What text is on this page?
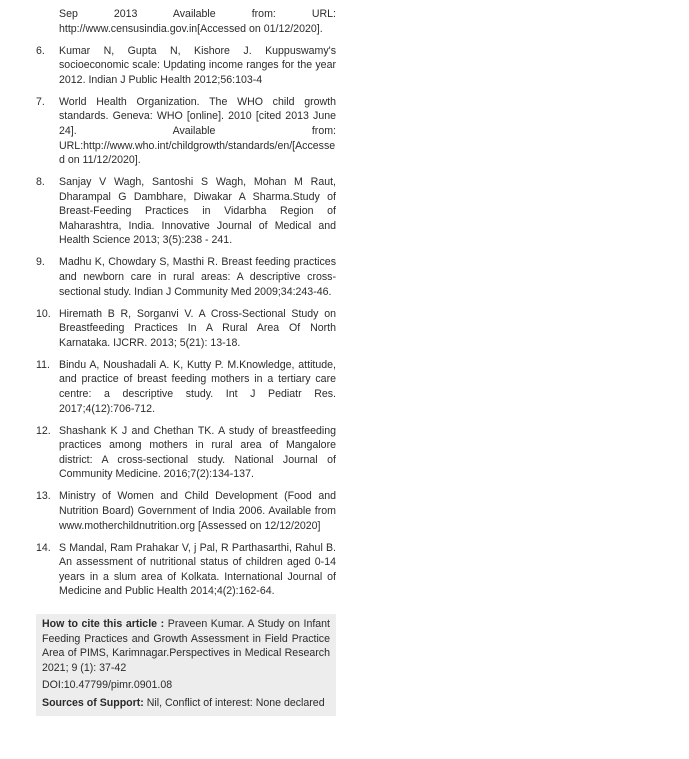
Sep 2013 Available from: URL: http://www.censusindia.gov.in[Accessed on 01/12/2020].
6.	Kumar N, Gupta N, Kishore J. Kuppuswamy's socioeconomic scale: Updating income ranges for the year 2012. Indian J Public Health 2012;56:103-4
7.	World Health Organization. The WHO child growth standards. Geneva: WHO [online]. 2010 [cited 2013 June 24]. Available from: URL:http://www.who.int/childgrowth/standards/en/[Accessed on 11/12/2020].
8.	Sanjay V Wagh, Santoshi S Wagh, Mohan M Raut, Dharampal G Dambhare, Diwakar A Sharma.Study of Breast-Feeding Practices in Vidarbha Region of Maharashtra, India. Innovative Journal of Medical and Health Science 2013; 3(5):238 - 241.
9.	Madhu K, Chowdary S, Masthi R. Breast feeding practices and newborn care in rural areas: A descriptive cross-sectional study. Indian J Community Med 2009;34:243-46.
10. Hiremath B R, Sorganvi V. A Cross-Sectional Study on Breastfeeding Practices In A Rural Area Of North Karnataka. IJCRR. 2013; 5(21): 13-18.
11. Bindu A, Noushadali A. K, Kutty P. M.Knowledge, attitude, and practice of breast feeding mothers in a tertiary care centre: a descriptive study. Int J Pediatr Res. 2017;4(12):706-712.
12. Shashank K J and Chethan TK. A study of breastfeeding practices among mothers in rural area of Mangalore district: A cross-sectional study. National Journal of Community Medicine. 2016;7(2):134-137.
13. Ministry of Women and Child Development (Food and Nutrition Board) Government of India 2006. Available from www.motherchildnutrition.org [Assessed on 12/12/2020]
14. S Mandal, Ram Prahakar V, j Pal, R Parthasarthi, Rahul B. An assessment of nutritional status of children aged 0-14 years in a slum area of Kolkata. International Journal of Medicine and Public Health 2014;4(2):162-64.
How to cite this article : Praveen Kumar. A Study on Infant Feeding Practices and Growth Assessment in Field Practice Area of PIMS, Karimnagar.Perspectives in Medical Research 2021; 9 (1): 37-42
DOI:10.47799/pimr.0901.08
Sources of Support: Nil, Conflict of interest: None declared
